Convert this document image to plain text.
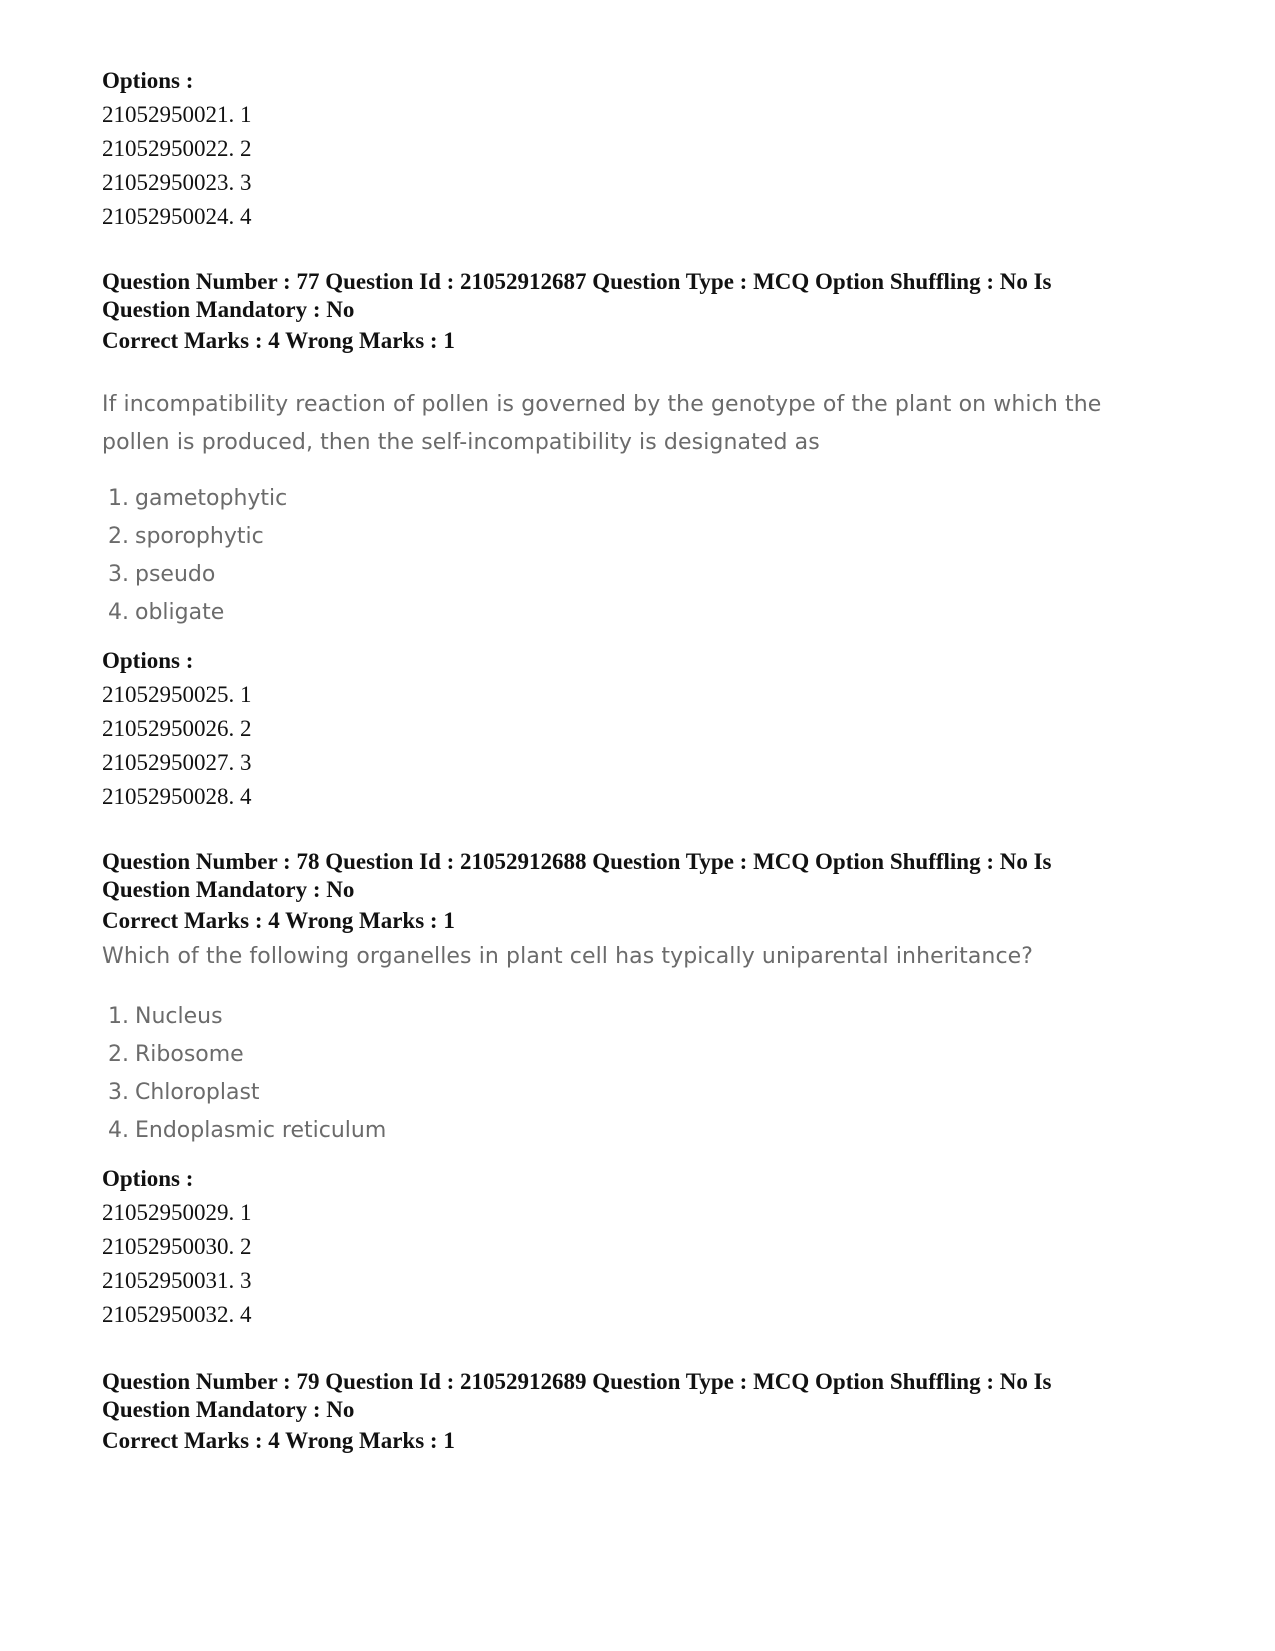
Options :
21052950021. 1
21052950022. 2
21052950023. 3
21052950024. 4
Question Number : 77 Question Id : 21052912687 Question Type : MCQ Option Shuffling : No Is
Question Mandatory : No
Correct Marks : 4 Wrong Marks : 1
If incompatibility reaction of pollen is governed by the genotype of the plant on which the
pollen is produced, then the self-incompatibility is designated as
1. gametophytic
2. sporophytic
3. pseudo
4. obligate
Options :
21052950025. 1
21052950026. 2
21052950027. 3
21052950028. 4
Question Number : 78 Question Id : 21052912688 Question Type : MCQ Option Shuffling : No Is
Question Mandatory : No
Correct Marks : 4 Wrong Marks : 1
Which of the following organelles in plant cell has typically uniparental inheritance?
1. Nucleus
2. Ribosome
3. Chloroplast
4. Endoplasmic reticulum
Options :
21052950029. 1
21052950030. 2
21052950031. 3
21052950032. 4
Question Number : 79 Question Id : 21052912689 Question Type : MCQ Option Shuffling : No Is
Question Mandatory : No
Correct Marks : 4 Wrong Marks : 1
